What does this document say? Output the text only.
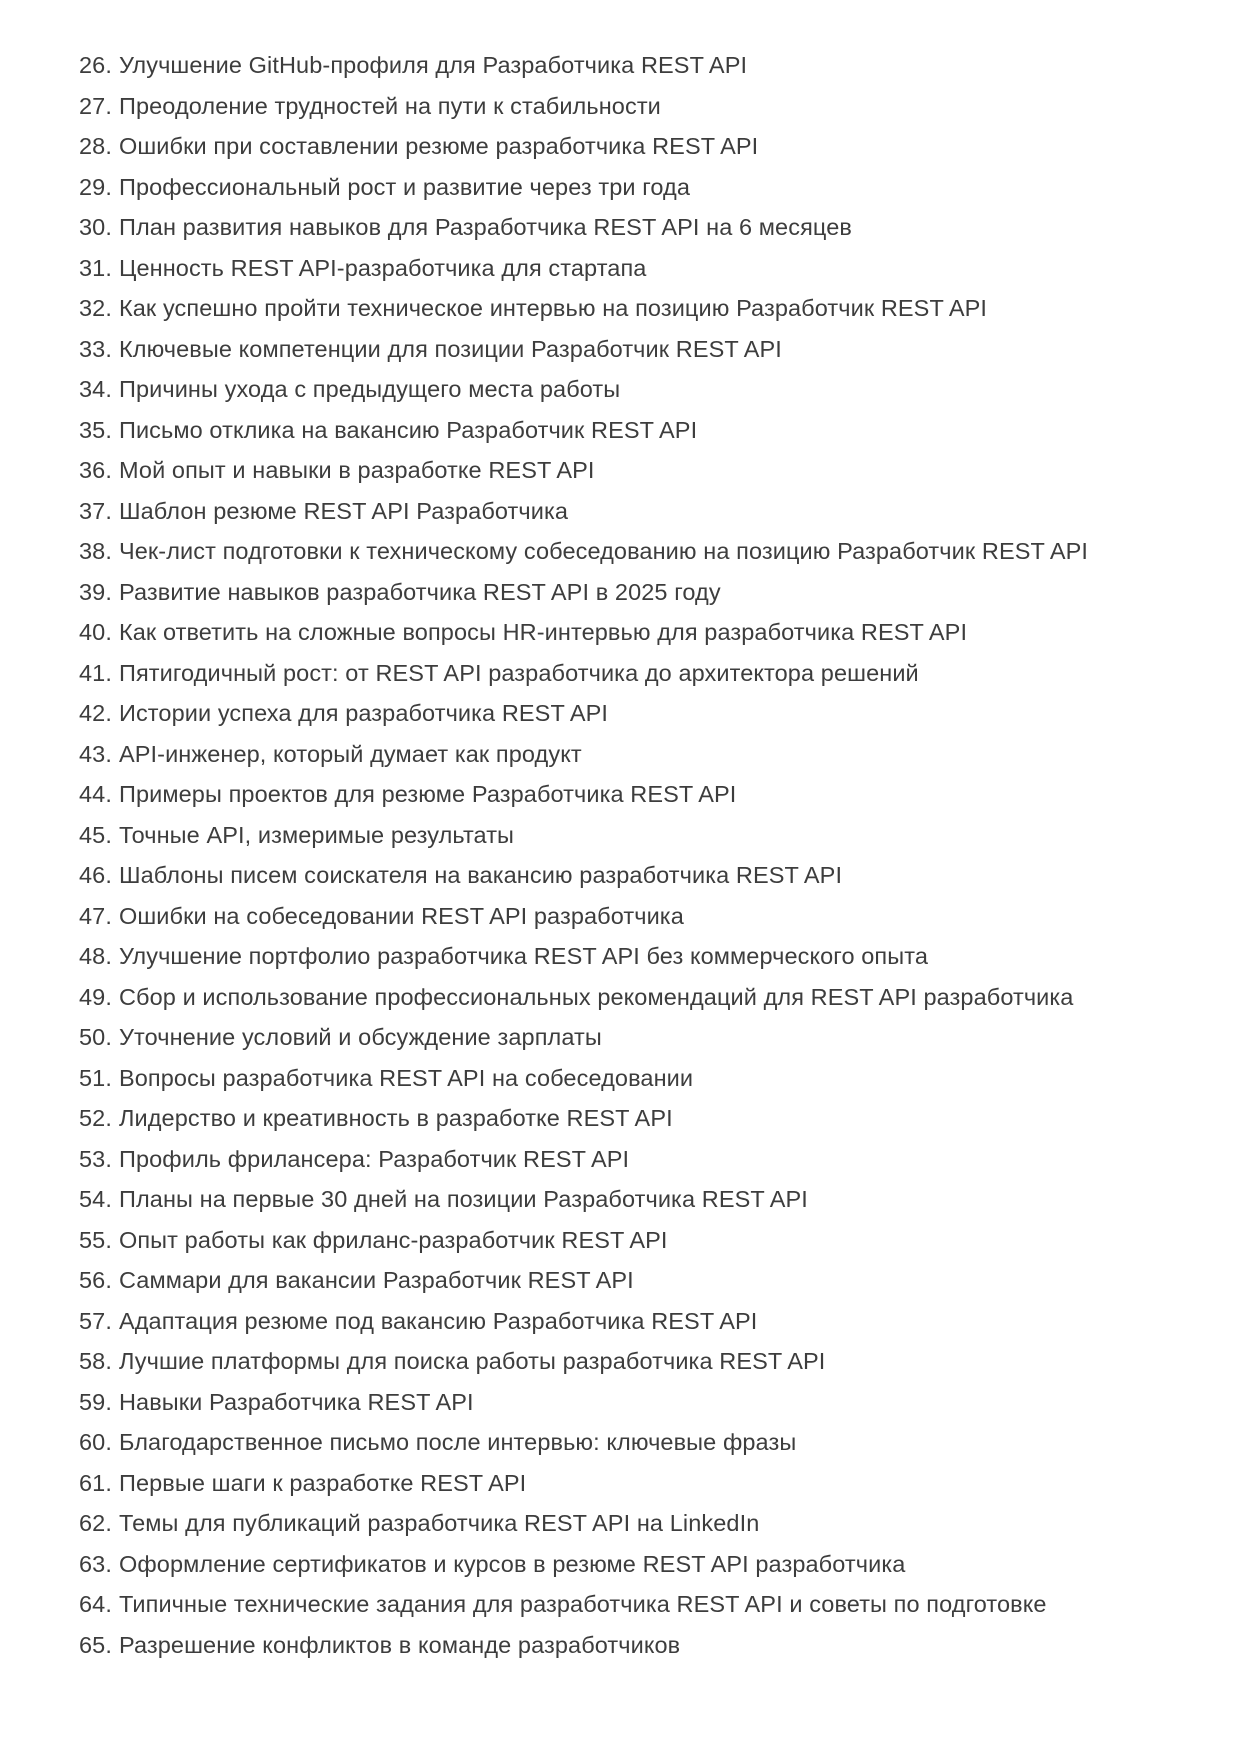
26. Улучшение GitHub-профиля для Разработчика REST API
27. Преодоление трудностей на пути к стабильности
28. Ошибки при составлении резюме разработчика REST API
29. Профессиональный рост и развитие через три года
30. План развития навыков для Разработчика REST API на 6 месяцев
31. Ценность REST API-разработчика для стартапа
32. Как успешно пройти техническое интервью на позицию Разработчик REST API
33. Ключевые компетенции для позиции Разработчик REST API
34. Причины ухода с предыдущего места работы
35. Письмо отклика на вакансию Разработчик REST API
36. Мой опыт и навыки в разработке REST API
37. Шаблон резюме REST API Разработчика
38. Чек-лист подготовки к техническому собеседованию на позицию Разработчик REST API
39. Развитие навыков разработчика REST API в 2025 году
40. Как ответить на сложные вопросы HR-интервью для разработчика REST API
41. Пятигодичный рост: от REST API разработчика до архитектора решений
42. Истории успеха для разработчика REST API
43. API-инженер, который думает как продукт
44. Примеры проектов для резюме Разработчика REST API
45. Точные API, измеримые результаты
46. Шаблоны писем соискателя на вакансию разработчика REST API
47. Ошибки на собеседовании REST API разработчика
48. Улучшение портфолио разработчика REST API без коммерческого опыта
49. Сбор и использование профессиональных рекомендаций для REST API разработчика
50. Уточнение условий и обсуждение зарплаты
51. Вопросы разработчика REST API на собеседовании
52. Лидерство и креативность в разработке REST API
53. Профиль фрилансера: Разработчик REST API
54. Планы на первые 30 дней на позиции Разработчика REST API
55. Опыт работы как фриланс-разработчик REST API
56. Саммари для вакансии Разработчик REST API
57. Адаптация резюме под вакансию Разработчика REST API
58. Лучшие платформы для поиска работы разработчика REST API
59. Навыки Разработчика REST API
60. Благодарственное письмо после интервью: ключевые фразы
61. Первые шаги к разработке REST API
62. Темы для публикаций разработчика REST API на LinkedIn
63. Оформление сертификатов и курсов в резюме REST API разработчика
64. Типичные технические задания для разработчика REST API и советы по подготовке
65. Разрешение конфликтов в команде разработчиков
